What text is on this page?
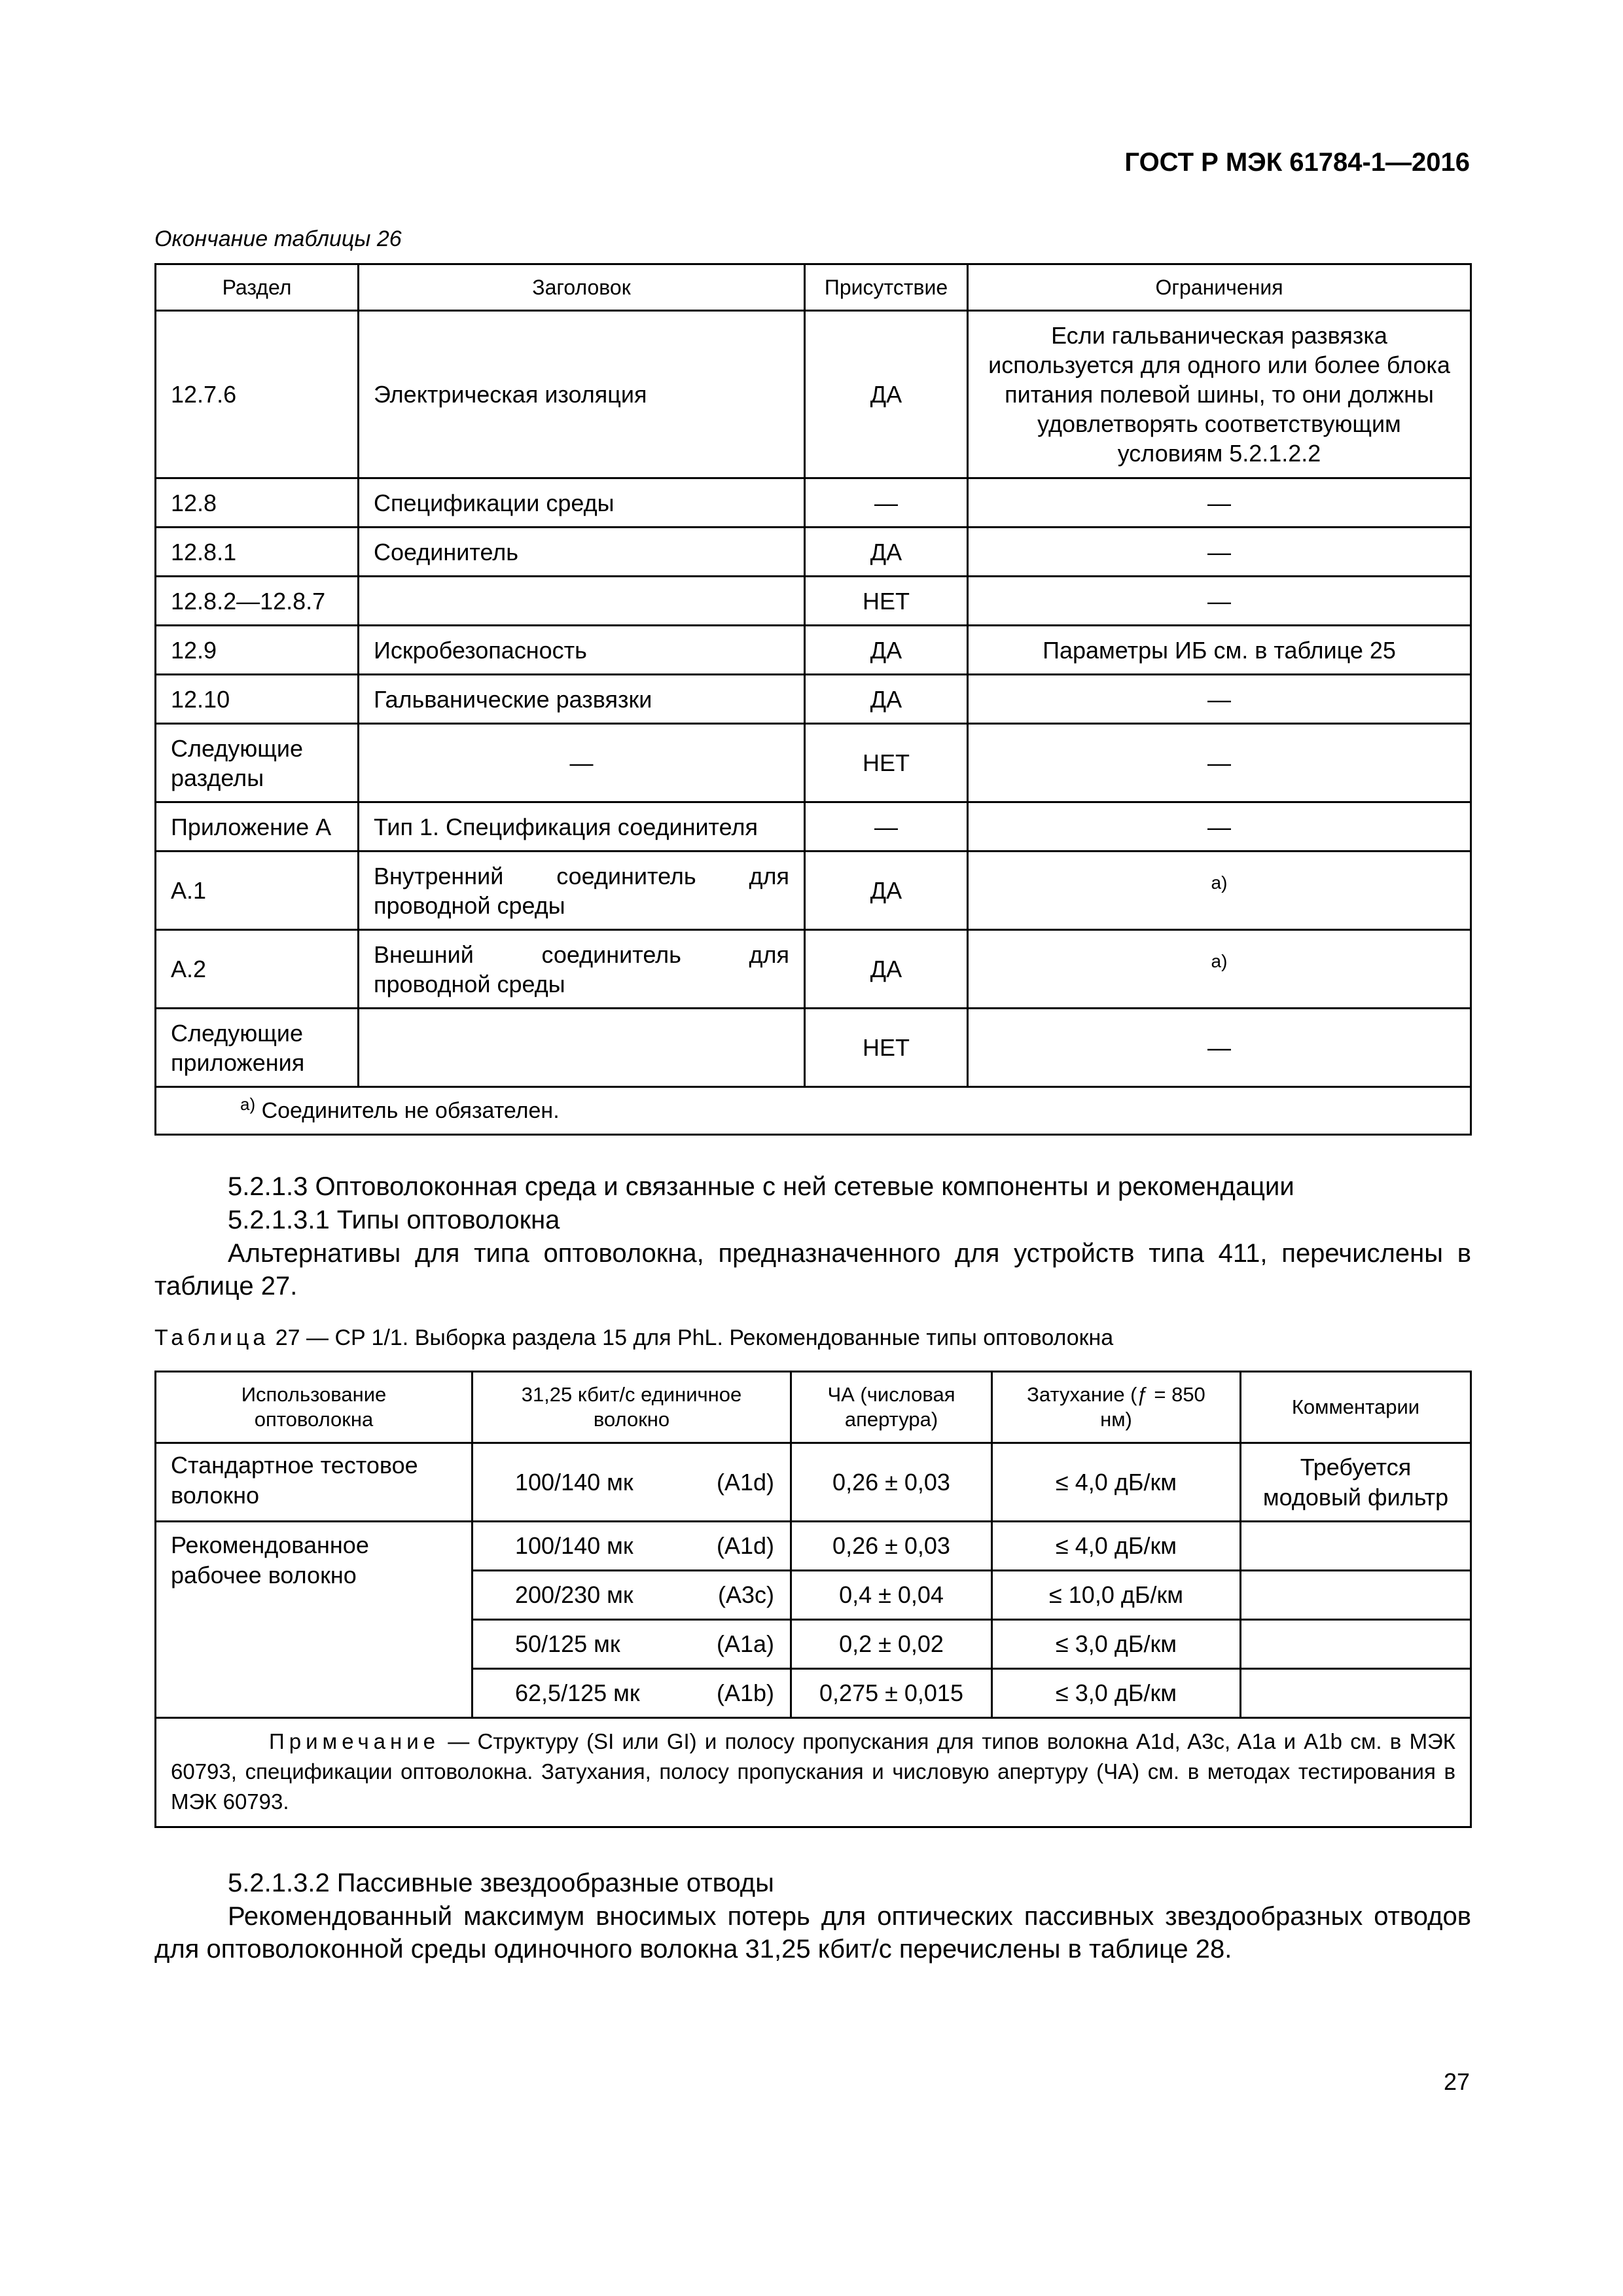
ГОСТ Р МЭК 61784-1—2016
Окончание таблицы 26
Раздел	Заголовок	Присутствие	Ограничения
12.7.6	Электрическая изоляция	ДА	Если гальваническая развязка используется для одного или более блока питания полевой шины, то они должны удовлетворять соответствующим условиям 5.2.1.2.2
12.8	Спецификации среды	—	—
12.8.1	Соединитель	ДА	—
12.8.2—12.8.7		НЕТ	—
12.9	Искробезопасность	ДА	Параметры ИБ см. в таблице 25
12.10	Гальванические развязки	ДА	—
Следующие разделы	—	НЕТ	—
Приложение А	Тип 1. Спецификация соединителя	—	—
А.1	Внутренний соединитель для проводной среды	ДА	$^{a)}$
А.2	Внешний соединитель для проводной среды	ДА	$^{a)}$
Следующие приложения		НЕТ	—
$^{a)}$ Соединитель не обязателен.			
5.2.1.3 Оптоволоконная среда и связанные с ней сетевые компоненты и рекомендации
5.2.1.3.1 Типы оптоволокна
Альтернативы для типа оптоволокна, предназначенного для устройств типа 411, перечислены в таблице 27.
Таблица 27 — CP 1/1. Выборка раздела 15 для PhL. Рекомендованные типы оптоволокна
Использование оптоволокна	31,25 кбит/с единичное волокно	ЧА (числовая апертура)	Затухание (ƒ = 850 нм)	Комментарии
Стандартное тестовое волокно	100/140 мк (A1d)	0,26 ± 0,03	≤ 4,0 дБ/км	Требуется модовый фильтр
Рекомендованное рабочее волокно	100/140 мк (A1d)	0,26 ± 0,03	≤ 4,0 дБ/км	

	200/230 мк (A3c)	0,4 ± 0,04	≤ 10,0 дБ/км	

	50/125 мк (A1a)	0,2 ± 0,02	≤ 3,0 дБ/км	

	62,5/125 мк (A1b)	0,275 ± 0,015	≤ 3,0 дБ/км	
Примечание — Структуру (SI или GI) и полосу пропускания для типов волокна A1d, A3c, A1a и A1b см. в МЭК 60793, спецификации оптоволокна. Затухания, полосу пропускания и числовую апертуру (ЧА) см. в методах тестирования в МЭК 60793.				
5.2.1.3.2 Пассивные звездообразные отводы
Рекомендованный максимум вносимых потерь для оптических пассивных звездообразных отводов для оптоволоконной среды одиночного волокна 31,25 кбит/с перечислены в таблице 28.
27
